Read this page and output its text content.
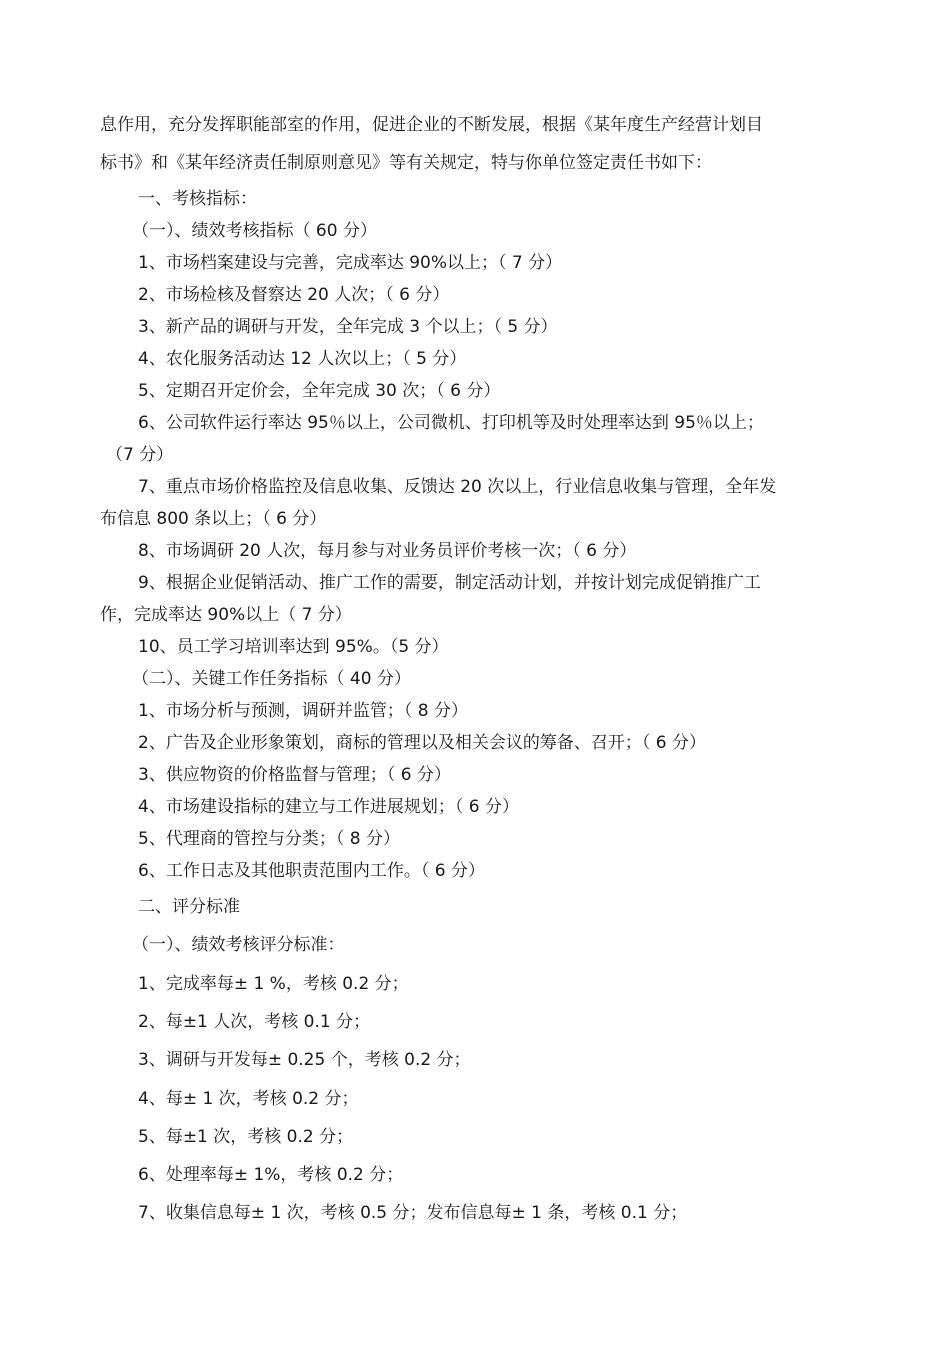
息作用，充分发挥职能部室的作用，促进企业的不断发展，根据《某年度生产经营计划目
标书》和《某年经济责任制原则意见》等有关规定，特与你单位签定责任书如下：
一、考核指标：
（一）、绩效考核指标（ 60 分）
1、市场档案建设与完善，完成率达 90%以上；（ 7 分）
2、市场检核及督察达 20 人次；（ 6 分）
3、新产品的调研与开发，全年完成 3 个以上；（ 5 分）
4、农化服务活动达 12 人次以上；（ 5 分）
5、定期召开定价会，全年完成 30 次；（ 6 分）
6、公司软件运行率达 95％以上，公司微机、打印机等及时处理率达到 95％以上；
（7 分）
7、重点市场价格监控及信息收集、反馈达 20 次以上，行业信息收集与管理，全年发
布信息 800 条以上；（ 6 分）
8、市场调研 20 人次，每月参与对业务员评价考核一次；（ 6 分）
9、根据企业促销活动、推广工作的需要，制定活动计划，并按计划完成促销推广工
作，完成率达 90%以上（ 7 分）
10、员工学习培训率达到 95%。（5 分）
（二）、关键工作任务指标（ 40 分）
1、市场分析与预测，调研并监管；（ 8 分）
2、广告及企业形象策划，商标的管理以及相关会议的筹备、召开；（ 6 分）
3、供应物资的价格监督与管理；（ 6 分）
4、市场建设指标的建立与工作进展规划；（ 6 分）
5、代理商的管控与分类；（ 8 分）
6、工作日志及其他职责范围内工作。（ 6 分）
二、评分标准
（一）、绩效考核评分标准：
1、完成率每± 1 %，考核 0.2 分；
2、每±1 人次，考核 0.1 分；
3、调研与开发每± 0.25 个，考核 0.2 分；
4、每± 1 次，考核 0.2 分；
5、每±1 次，考核 0.2 分；
6、处理率每± 1%，考核 0.2 分；
7、收集信息每± 1 次，考核 0.5 分；发布信息每± 1 条，考核 0.1 分；
